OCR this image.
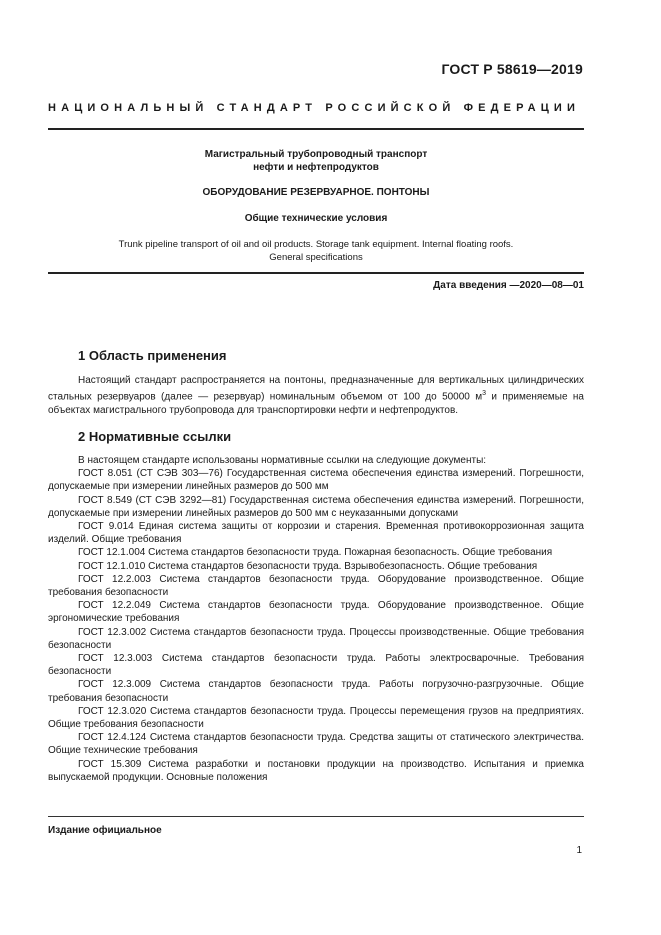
ГОСТ Р 58619—2019
НАЦИОНАЛЬНЫЙ СТАНДАРТ РОССИЙСКОЙ ФЕДЕРАЦИИ
Магистральный трубопроводный транспорт
нефти и нефтепродуктов
ОБОРУДОВАНИЕ РЕЗЕРВУАРНОЕ. ПОНТОНЫ
Общие технические условия
Trunk pipeline transport of oil and oil products. Storage tank equipment. Internal floating roofs.
General specifications
Дата введения —2020—08—01
1 Область применения

Настоящий стандарт распространяется на понтоны, предназначенные для вертикальных цилиндрических стальных резервуаров (далее — резервуар) номинальным объемом от 100 до 50000 $м^3$ и применяемые на объектах магистрального трубопровода для транспортировки нефти и нефтепродуктов.

2 Нормативные ссылки

В настоящем стандарте использованы нормативные ссылки на следующие документы:

ГОСТ 8.051 (СТ СЭВ 303—76) Государственная система обеспечения единства измерений. Погрешности, допускаемые при измерении линейных размеров до 500 мм

ГОСТ 8.549 (СТ СЭВ 3292—81) Государственная система обеспечения единства измерений. Погрешности, допускаемые при измерении линейных размеров до 500 мм с неуказанными допусками

ГОСТ 9.014 Единая система защиты от коррозии и старения. Временная противокоррозионная защита изделий. Общие требования

ГОСТ 12.1.004 Система стандартов безопасности труда. Пожарная безопасность. Общие требования

ГОСТ 12.1.010 Система стандартов безопасности труда. Взрывобезопасность. Общие требования

ГОСТ 12.2.003 Система стандартов безопасности труда. Оборудование производственное. Общие требования безопасности

ГОСТ 12.2.049 Система стандартов безопасности труда. Оборудование производственное. Общие эргономические требования

ГОСТ 12.3.002 Система стандартов безопасности труда. Процессы производственные. Общие требования безопасности

ГОСТ 12.3.003 Система стандартов безопасности труда. Работы электросварочные. Требования безопасности

ГОСТ 12.3.009 Система стандартов безопасности труда. Работы погрузочно-разгрузочные. Общие требования безопасности

ГОСТ 12.3.020 Система стандартов безопасности труда. Процессы перемещения грузов на предприятиях. Общие требования безопасности

ГОСТ 12.4.124 Система стандартов безопасности труда. Средства защиты от статического электричества. Общие технические требования

ГОСТ 15.309 Система разработки и постановки продукции на производство. Испытания и приемка выпускаемой продукции. Основные положения

Издание официальное
1
